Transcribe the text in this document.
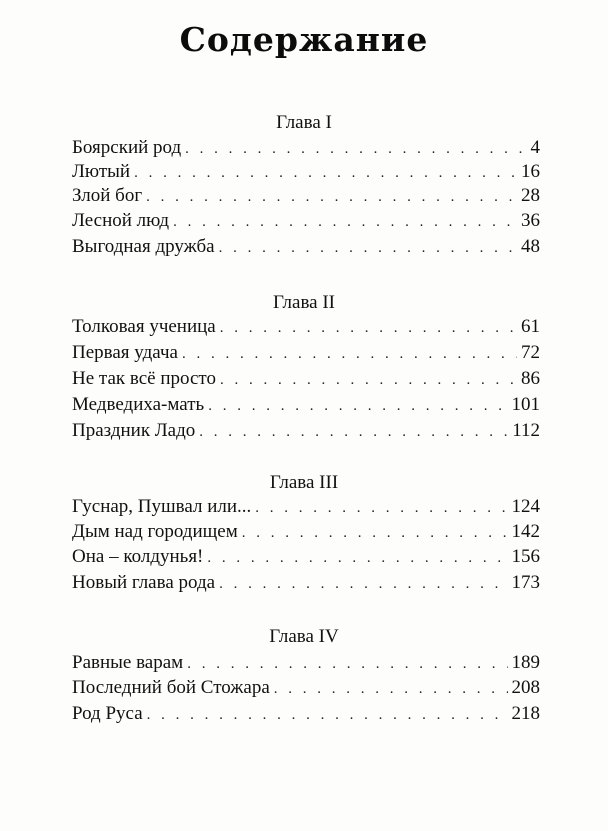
Содержание
Глава I
Боярский род . . .	4
Лютый . . .	16
Злой бог . . .	28
Лесной люд . . .	36
Выгодная дружба . . .	48
Глава II
Толковая ученица . . .	61
Первая удача . . .	72
Не так всё просто . . .	86
Медведиха-мать . . .	101
Праздник Ладо . . .	112
Глава III
Гуснар, Пушвал или... . . .	124
Дым над городищем . . .	142
Она – колдунья! . . .	156
Новый глава рода . . .	173
Глава IV
Равные варам . . .	189
Последний бой Стожара . . .	208
Род Руса . . .	218
